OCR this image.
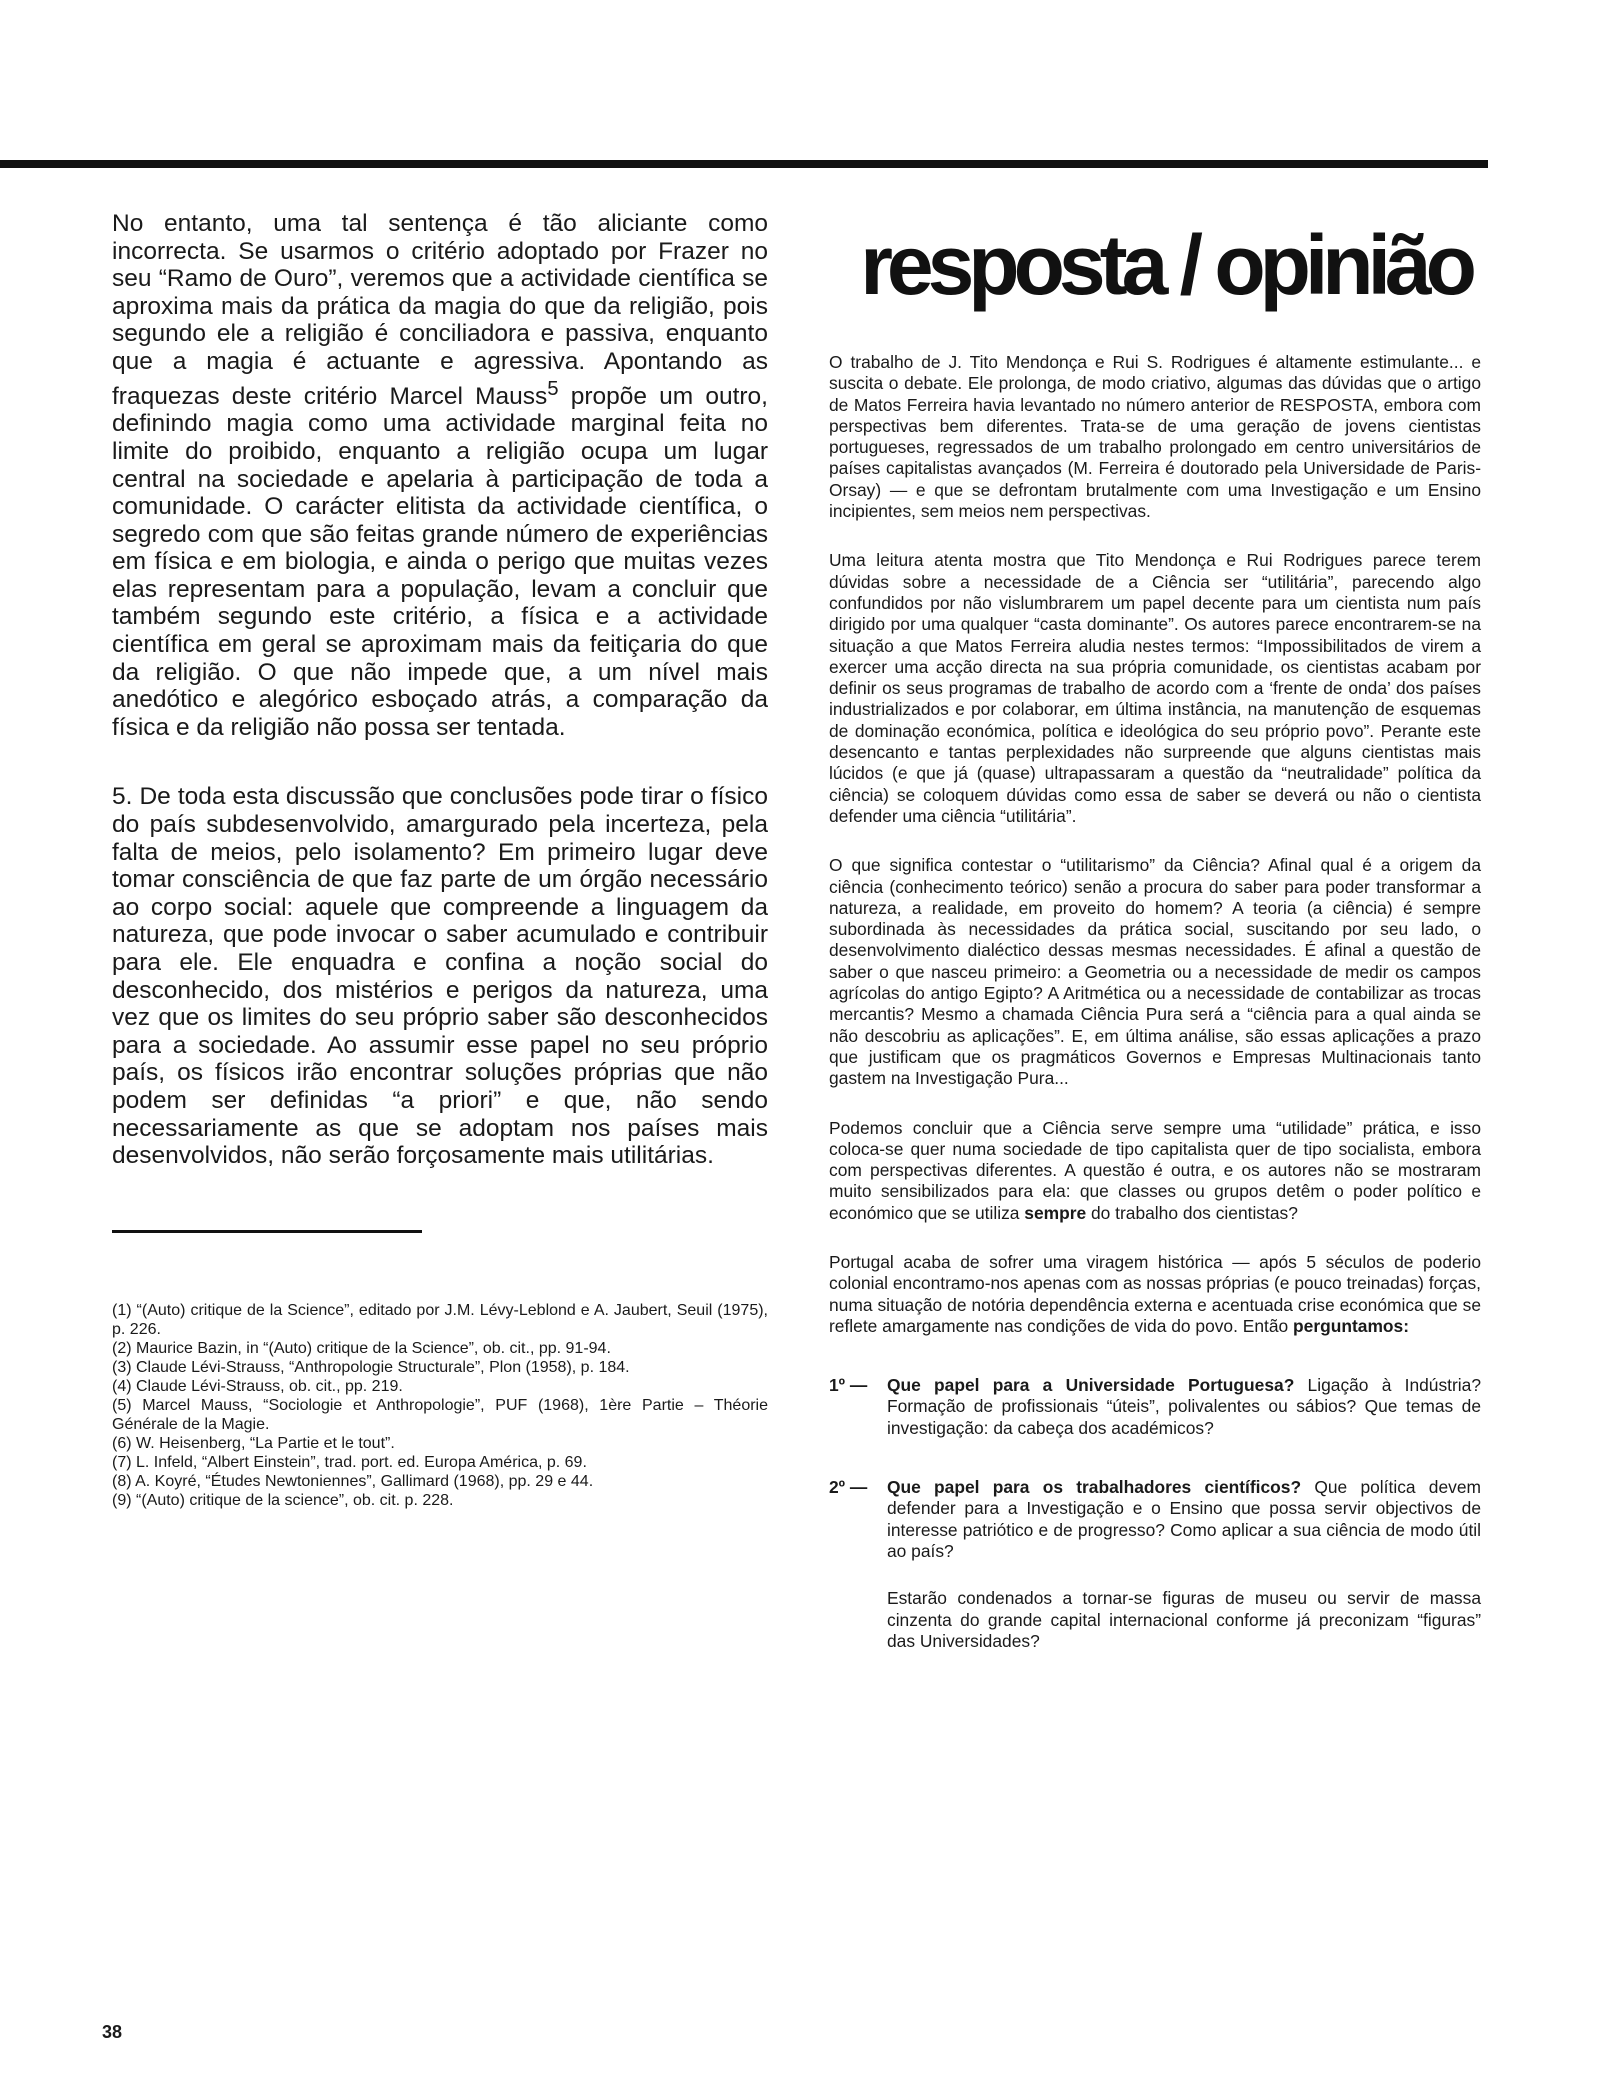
No entanto, uma tal sentença é tão aliciante como incorrecta. Se usarmos o critério adoptado por Frazer no seu “Ramo de Ouro”, veremos que a actividade científica se aproxima mais da prática da magia do que da religião, pois segundo ele a religião é conciliadora e passiva, enquanto que a magia é actuante e agressiva. Apontando as fraquezas deste critério Marcel Mauss$^5$ propõe um outro, definindo magia como uma actividade marginal feita no limite do proibido, enquanto a religião ocupa um lugar central na sociedade e apelaria à participação de toda a comunidade. O carácter elitista da actividade científica, o segredo com que são feitas grande número de experiências em física e em biologia, e ainda o perigo que muitas vezes elas representam para a população, levam a concluir que também segundo este critério, a física e a actividade científica em geral se aproximam mais da feitiçaria do que da religião. O que não impede que, a um nível mais anedótico e alegórico esboçado atrás, a comparação da física e da religião não possa ser tentada.

5. De toda esta discussão que conclusões pode tirar o físico do país subdesenvolvido, amargurado pela incerteza, pela falta de meios, pelo isolamento? Em primeiro lugar deve tomar consciência de que faz parte de um órgão necessário ao corpo social: aquele que compreende a linguagem da natureza, que pode invocar o saber acumulado e contribuir para ele. Ele enquadra e confina a noção social do desconhecido, dos mistérios e perigos da natureza, uma vez que os limites do seu próprio saber são desconhecidos para a sociedade. Ao assumir esse papel no seu próprio país, os físicos irão encontrar soluções próprias que não podem ser definidas “a priori” e que, não sendo necessariamente as que se adoptam nos países mais desenvolvidos, não serão forçosamente mais utilitárias.

(1) “(Auto) critique de la Science”, editado por J.M. Lévy-Leblond e A. Jaubert, Seuil (1975), p. 226.
(2) Maurice Bazin, in “(Auto) critique de la Science”, ob. cit., pp. 91-94.
(3) Claude Lévi-Strauss, “Anthropologie Structurale”, Plon (1958), p. 184.
(4) Claude Lévi-Strauss, ob. cit., pp. 219.
(5) Marcel Mauss, “Sociologie et Anthropologie”, PUF (1968), 1ère Partie – Théorie Générale de la Magie.
(6) W. Heisenberg, “La Partie et le tout”.
(7) L. Infeld, “Albert Einstein”, trad. port. ed. Europa América, p. 69.
(8) A. Koyré, “Études Newtoniennes”, Gallimard (1968), pp. 29 e 44.
(9) “(Auto) critique de la science”, ob. cit. p. 228.
resposta / opinião

O trabalho de J. Tito Mendonça e Rui S. Rodrigues é altamente estimulante... e suscita o debate. Ele prolonga, de modo criativo, algumas das dúvidas que o artigo de Matos Ferreira havia levantado no número anterior de RESPOSTA, embora com perspectivas bem diferentes. Trata-se de uma geração de jovens cientistas portugueses, regressados de um trabalho prolongado em centro universitários de países capitalistas avançados (M. Ferreira é doutorado pela Universidade de Paris-Orsay) — e que se defrontam brutalmente com uma Investigação e um Ensino incipientes, sem meios nem perspectivas.

Uma leitura atenta mostra que Tito Mendonça e Rui Rodrigues parece terem dúvidas sobre a necessidade de a Ciência ser “utilitária”, parecendo algo confundidos por não vislumbrarem um papel decente para um cientista num país dirigido por uma qualquer “casta dominante”. Os autores parece encontrarem-se na situação a que Matos Ferreira aludia nestes termos: “Impossibilitados de virem a exercer uma acção directa na sua própria comunidade, os cientistas acabam por definir os seus programas de trabalho de acordo com a ‘frente de onda’ dos países industrializados e por colaborar, em última instância, na manutenção de esquemas de dominação económica, política e ideológica do seu próprio povo”. Perante este desencanto e tantas perplexidades não surpreende que alguns cientistas mais lúcidos (e que já (quase) ultrapassaram a questão da “neutralidade” política da ciência) se coloquem dúvidas como essa de saber se deverá ou não o cientista defender uma ciência “utilitária”.

O que significa contestar o “utilitarismo” da Ciência? Afinal qual é a origem da ciência (conhecimento teórico) senão a procura do saber para poder transformar a natureza, a realidade, em proveito do homem? A teoria (a ciência) é sempre subordinada às necessidades da prática social, suscitando por seu lado, o desenvolvimento dialéctico dessas mesmas necessidades. É afinal a questão de saber o que nasceu primeiro: a Geometria ou a necessidade de medir os campos agrícolas do antigo Egipto? A Aritmética ou a necessidade de contabilizar as trocas mercantis? Mesmo a chamada Ciência Pura será a “ciência para a qual ainda se não descobriu as aplicações”. E, em última análise, são essas aplicações a prazo que justificam que os pragmáticos Governos e Empresas Multinacionais tanto gastem na Investigação Pura...

Podemos concluir que a Ciência serve sempre uma “utilidade” prática, e isso coloca-se quer numa sociedade de tipo capitalista quer de tipo socialista, embora com perspectivas diferentes. A questão é outra, e os autores não se mostraram muito sensibilizados para ela: que classes ou grupos detêm o poder político e económico que se utiliza sempre do trabalho dos cientistas?

Portugal acaba de sofrer uma viragem histórica — após 5 séculos de poderio colonial encontramo-nos apenas com as nossas próprias (e pouco treinadas) forças, numa situação de notória dependência externa e acentuada crise económica que se reflete amargamente nas condições de vida do povo. Então perguntamos:

1º —	Que papel para a Universidade Portuguesa? Ligação à Indústria? Formação de profissionais “úteis”, polivalentes ou sábios? Que temas de investigação: da cabeça dos académicos?

2º —	Que papel para os trabalhadores científicos? Que política devem defender para a Investigação e o Ensino que possa servir objectivos de interesse patriótico e de progresso? Como aplicar a sua ciência de modo útil ao país?

Estarão condenados a tornar-se figuras de museu ou servir de massa cinzenta do grande capital internacional conforme já preconizam “figuras” das Universidades?

38
